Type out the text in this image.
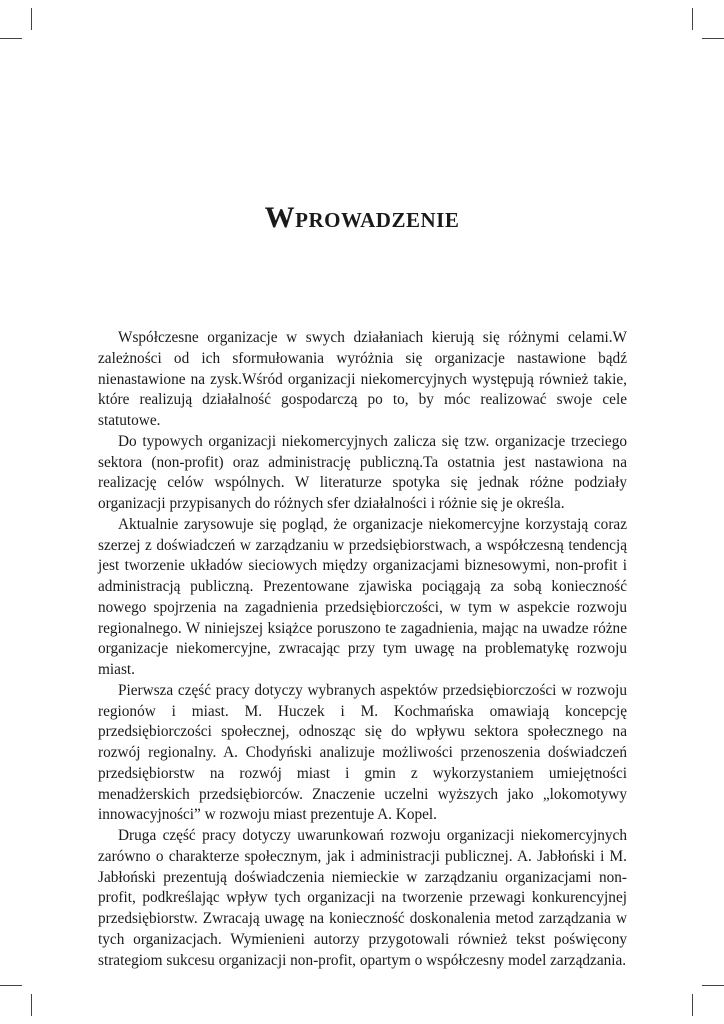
WPROWADZENIE

Współczesne organizacje w swych działaniach kierują się różnymi celami.W zależności od ich sformułowania wyróżnia się organizacje nastawione bądź nienastawione na zysk.Wśród organizacji niekomercyjnych występują również takie, które realizują działalność gospodarczą po to, by móc realizować swoje cele statutowe.

Do typowych organizacji niekomercyjnych zalicza się tzw. organizacje trzeciego sektora (non-profit) oraz administrację publiczną.Ta ostatnia jest nastawiona na realizację celów wspólnych. W literaturze spotyka się jednak różne podziały organizacji przypisanych do różnych sfer działalności i różnie się je określa.

Aktualnie zarysowuje się pogląd, że organizacje niekomercyjne korzystają coraz szerzej z doświadczeń w zarządzaniu w przedsiębiorstwach, a współczesną tendencją jest tworzenie układów sieciowych między organizacjami biznesowymi, non-profit i administracją publiczną. Prezentowane zjawiska pociągają za sobą konieczność nowego spojrzenia na zagadnienia przedsiębiorczości, w tym w aspekcie rozwoju regionalnego. W niniejszej książce poruszono te zagadnienia, mając na uwadze różne organizacje niekomercyjne, zwracając przy tym uwagę na problematykę rozwoju miast.

Pierwsza część pracy dotyczy wybranych aspektów przedsiębiorczości w rozwoju regionów i miast. M. Huczek i M. Kochmańska omawiają koncepcję przedsiębiorczości społecznej, odnosząc się do wpływu sektora społecznego na rozwój regionalny. A. Chodyński analizuje możliwości przenoszenia doświadczeń przedsiębiorstw na rozwój miast i gmin z wykorzystaniem umiejętności menadżerskich przedsiębiorców. Znaczenie uczelni wyższych jako „lokomotywy innowacyjności” w rozwoju miast prezentuje A. Kopel.

Druga część pracy dotyczy uwarunkowań rozwoju organizacji niekomercyjnych zarówno o charakterze społecznym, jak i administracji publicznej. A. Jabłoński i M. Jabłoński prezentują doświadczenia niemieckie w zarządzaniu organizacjami non-profit, podkreślając wpływ tych organizacji na tworzenie przewagi konkurencyjnej przedsiębiorstw. Zwracają uwagę na konieczność doskonalenia metod zarządzania w tych organizacjach. Wymienieni autorzy przygotowali również tekst poświęcony strategiom sukcesu organizacji non-profit, opartym o współczesny model zarządzania.
